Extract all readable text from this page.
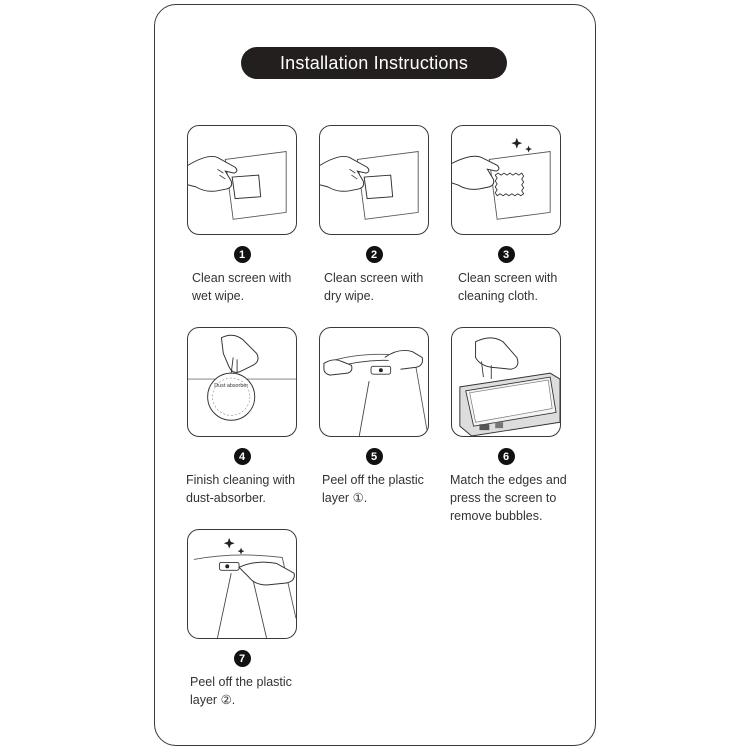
Installation Instructions
1
Clean screen with
wet wipe.
2
Clean screen with
dry wipe.
3
Clean screen with
cleaning cloth.
Dust absorber
4
Finish cleaning with
dust-absorber.
5
Peel off the plastic
layer ①.
6
Match the edges and
press the screen to
remove bubbles.
7
Peel off the plastic
layer ②.
